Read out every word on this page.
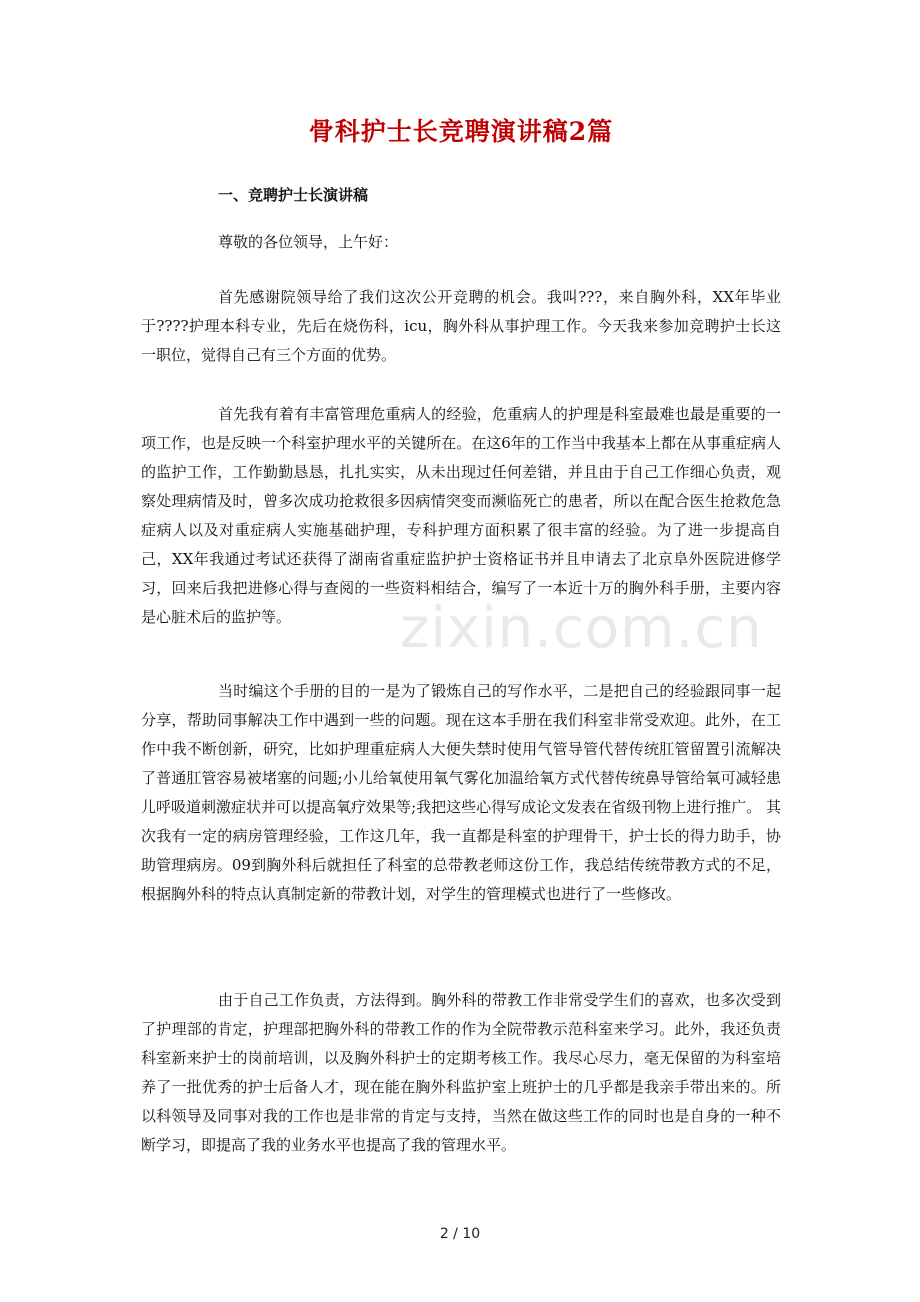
zixin.com.cn
骨科护士长竞聘演讲稿2篇

一、竞聘护士长演讲稿

尊敬的各位领导，上午好：

首先感谢院领导给了我们这次公开竞聘的机会。我叫???，来自胸外科，XX年毕业于????护理本科专业，先后在烧伤科，icu，胸外科从事护理工作。今天我来参加竞聘护士长这一职位，觉得自己有三个方面的优势。

首先我有着有丰富管理危重病人的经验，危重病人的护理是科室最难也最是重要的一项工作，也是反映一个科室护理水平的关键所在。在这6年的工作当中我基本上都在从事重症病人的监护工作，工作勤勤恳恳，扎扎实实，从未出现过任何差错，并且由于自己工作细心负责，观察处理病情及时，曾多次成功抢救很多因病情突变而濒临死亡的患者，所以在配合医生抢救危急症病人以及对重症病人实施基础护理，专科护理方面积累了很丰富的经验。为了进一步提高自己，XX年我通过考试还获得了湖南省重症监护护士资格证书并且申请去了北京阜外医院进修学习，回来后我把进修心得与查阅的一些资料相结合，编写了一本近十万的胸外科手册，主要内容是心脏术后的监护等。

当时编这个手册的目的一是为了锻炼自己的写作水平，二是把自己的经验跟同事一起分享，帮助同事解决工作中遇到一些的问题。现在这本手册在我们科室非常受欢迎。此外，在工作中我不断创新，研究，比如护理重症病人大便失禁时使用气管导管代替传统肛管留置引流解决了普通肛管容易被堵塞的问题;小儿给氧使用氧气雾化加温给氧方式代替传统鼻导管给氧可减轻患儿呼吸道刺激症状并可以提高氧疗效果等;我把这些心得写成论文发表在省级刊物上进行推广。 其次我有一定的病房管理经验，工作这几年，我一直都是科室的护理骨干，护士长的得力助手，协助管理病房。09到胸外科后就担任了科室的总带教老师这份工作，我总结传统带教方式的不足，根据胸外科的特点认真制定新的带教计划，对学生的管理模式也进行了一些修改。

由于自己工作负责，方法得到。胸外科的带教工作非常受学生们的喜欢，也多次受到了护理部的肯定，护理部把胸外科的带教工作的作为全院带教示范科室来学习。此外，我还负责科室新来护士的岗前培训，以及胸外科护士的定期考核工作。我尽心尽力，毫无保留的为科室培养了一批优秀的护士后备人才，现在能在胸外科监护室上班护士的几乎都是我亲手带出来的。所以科领导及同事对我的工作也是非常的肯定与支持，当然在做这些工作的同时也是自身的一种不断学习，即提高了我的业务水平也提高了我的管理水平。

2 / 10
